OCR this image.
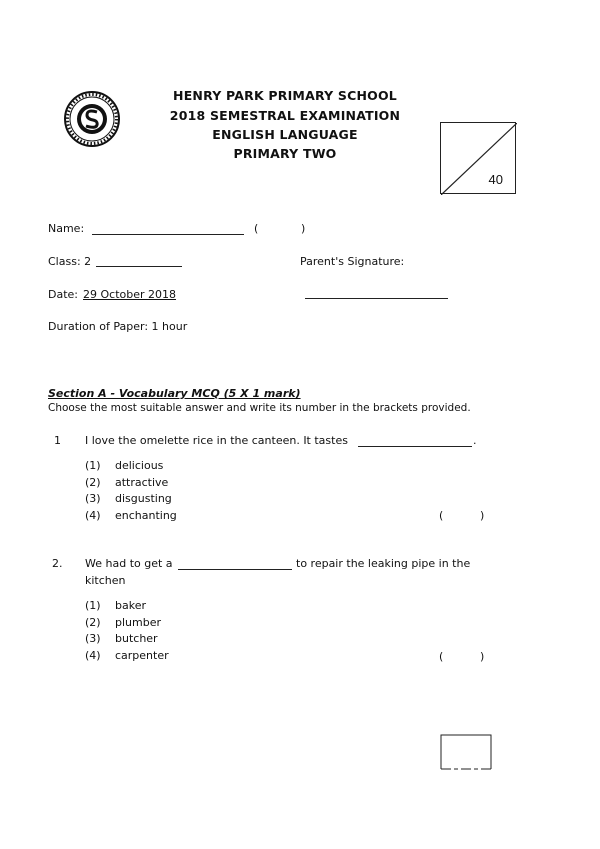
HENRY PARK PRIMARY SCHOOL
2018 SEMESTRAL EXAMINATION
ENGLISH LANGUAGE
PRIMARY TWO
40
Name:	(	)
Class: 2	Parent's Signature:
Date: 29 October 2018
Duration of Paper: 1 hour
Section A - Vocabulary MCQ (5 X 1 mark)
Choose the most suitable answer and write its number in the brackets provided.
1 I love the omelette rice in the canteen. It tastes	.
(1)	delicious
(2)	attractive
(3)	disgusting
(4)	enchanting	(	)
2. We had to get a	to repair the leaking pipe in the
kitchen
(1)	baker
(2)	plumber
(3)	butcher
(4)	carpenter	(	)
